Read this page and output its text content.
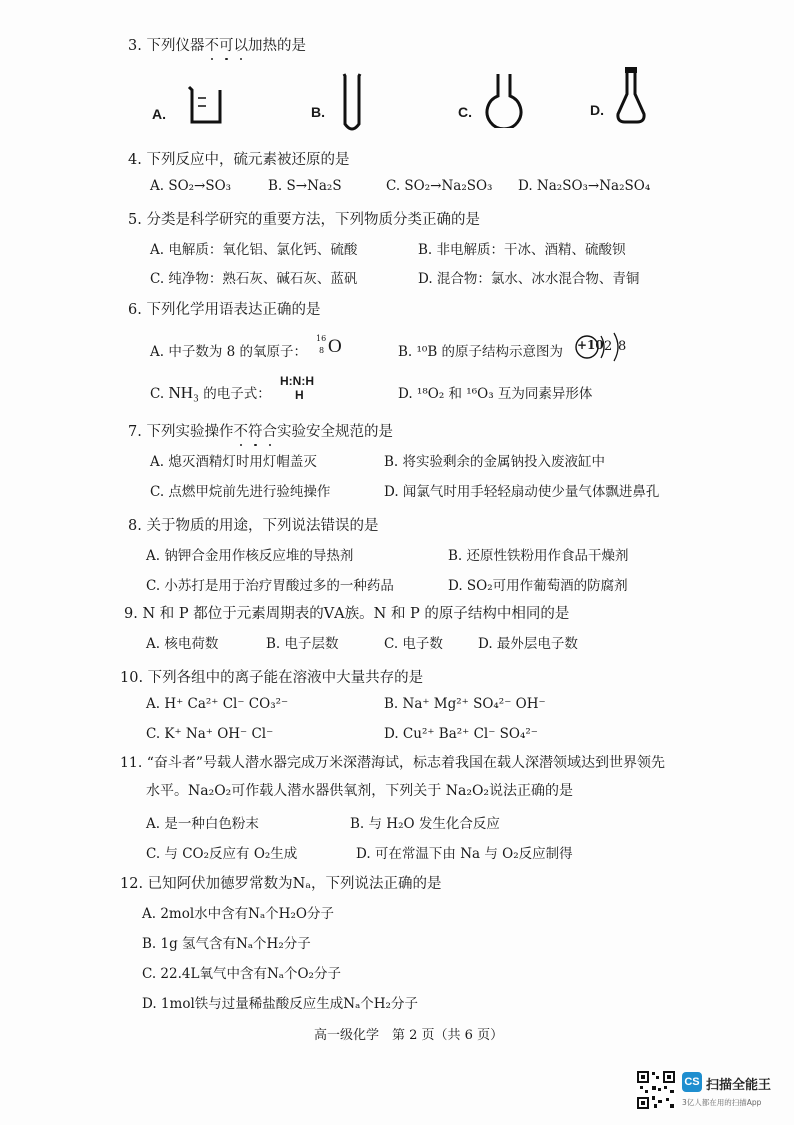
3. 下列仪器不
可
以
加热的是
A.	B.	C.	D.
4. 下列反应中，硫元素被还原的是
A. SO₂→SO₃	B. S→Na₂S	C. SO₂→Na₂SO₃ D. Na₂SO₃→Na₂SO₄
5. 分类是科学研究的重要方法，下列物质分类正确的是
A. 电解质：氧化铝、氯化钙、硫酸	B. 非电解质：干冰、酒精、硫酸钡
C. 纯净物：熟石灰、碱石灰、蓝矾	D. 混合物：氯水、冰水混合物、青铜
6. 下列化学用语表达正确的是
A. 中子数为 8 的氧原子：
16
8 O	B. ¹⁰B 的原子结构示意图为 +10 2 8
C. NH₃ 的电子式：
H:N:H
H	D. ¹⁸O₂ 和 ¹⁶O₃ 互为同素异形体
7. 下列实验操作不
符
合
实验安全规范的是
A. 熄灭酒精灯时用灯帽盖灭	B. 将实验剩余的金属钠投入废液缸中
C. 点燃甲烷前先进行验纯操作	D. 闻氯气时用手轻轻扇动使少量气体飘进鼻孔
8. 关于物质的用途，下列说法错误的是
A. 钠钾合金用作核反应堆的导热剂	B. 还原性铁粉用作食品干燥剂
C. 小苏打是用于治疗胃酸过多的一种药品	D. SO₂可用作葡萄酒的防腐剂
9. N 和 P 都位于元素周期表的ⅤA族。N 和 P 的原子结构中相同的是
A. 核电荷数	B. 电子层数	C. 电子数	D. 最外层电子数
10. 下列各组中的离子能在溶液中大量共存的是
A. H⁺ Ca²⁺ Cl⁻ CO₃²⁻	B. Na⁺ Mg²⁺ SO₄²⁻ OH⁻
C. K⁺ Na⁺ OH⁻ Cl⁻	D. Cu²⁺ Ba²⁺ Cl⁻ SO₄²⁻
11. “奋斗者”号载人潜水器完成万米深潜海试，标志着我国在载人深潜领域达到世界领先
水平。Na₂O₂可作载人潜水器供氧剂，下列关于 Na₂O₂说法正确的是
A. 是一种白色粉末	B. 与 H₂O 发生化合反应
C. 与 CO₂反应有 O₂生成	D. 可在常温下由 Na 与 O₂反应制得
12. 已知阿伏加德罗常数为Nₐ，下列说法正确的是
A. 2mol水中含有Nₐ个H₂O分子
B. 1g 氢气含有Nₐ个H₂分子
C. 22.4L氧气中含有Nₐ个O₂分子
D. 1mol铁与过量稀盐酸反应生成Nₐ个H₂分子
高一级化学　第 2 页（共 6 页）
CS 扫描全能王
3亿人都在用的扫描App
